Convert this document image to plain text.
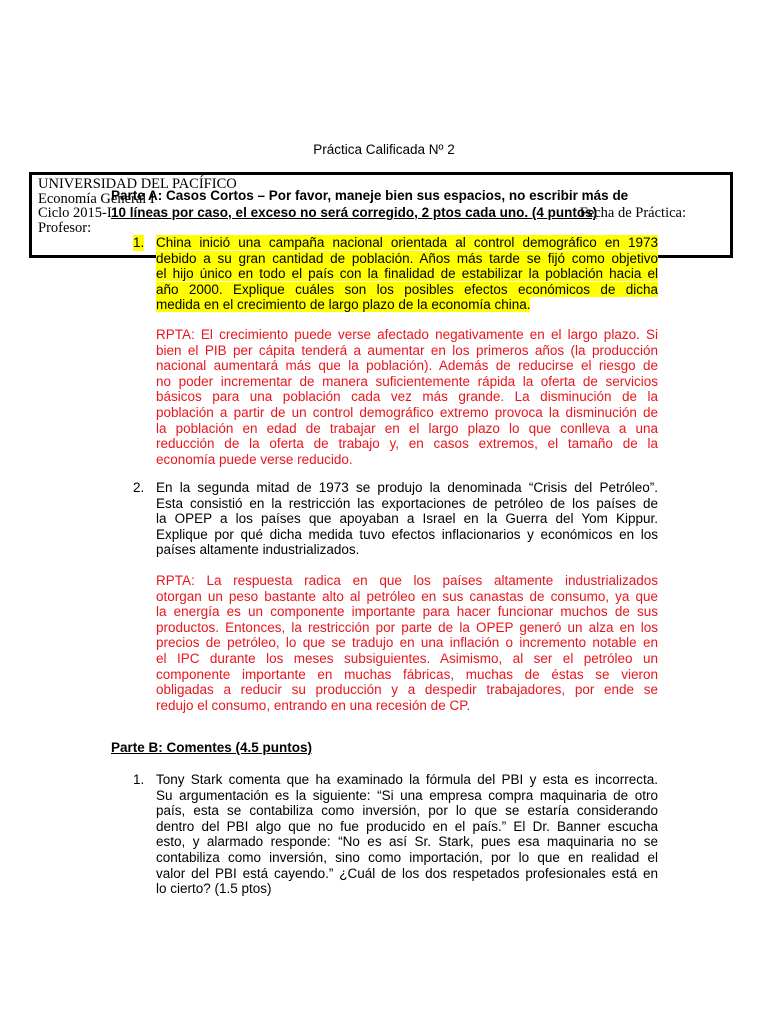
Práctica Calificada Nº 2
UNIVERSIDAD DEL PACÍFICO
Economía General I
Ciclo 2015-I
Profesor:
Fecha de Práctica:
Parte A: Casos Cortos – Por favor, maneje bien sus espacios, no escribir más de
10 líneas por caso, el exceso no será corregido, 2 ptos cada uno. (4 puntos)
1. China inició una campaña nacional orientada al control demográfico en 1973
debido a su gran cantidad de población. Años más tarde se fijó como objetivo
el hijo único en todo el país con la finalidad de estabilizar la población hacia el
año 2000. Explique cuáles son los posibles efectos económicos de dicha
medida en el crecimiento de largo plazo de la economía china.
RPTA: El crecimiento puede verse afectado negativamente en el largo plazo. Si
bien el PIB per cápita tenderá a aumentar en los primeros años (la producción
nacional aumentará más que la población). Además de reducirse el riesgo de
no poder incrementar de manera suficientemente rápida la oferta de servicios
básicos para una población cada vez más grande. La disminución de la
población a partir de un control demográfico extremo provoca la disminución de
la población en edad de trabajar en el largo plazo lo que conlleva a una
reducción de la oferta de trabajo y, en casos extremos, el tamaño de la
economía puede verse reducido.
2. En la segunda mitad de 1973 se produjo la denominada “Crisis del Petróleo”.
Esta consistió en la restricción las exportaciones de petróleo de los países de
la OPEP a los países que apoyaban a Israel en la Guerra del Yom Kippur.
Explique por qué dicha medida tuvo efectos inflacionarios y económicos en los
países altamente industrializados.
RPTA: La respuesta radica en que los países altamente industrializados
otorgan un peso bastante alto al petróleo en sus canastas de consumo, ya que
la energía es un componente importante para hacer funcionar muchos de sus
productos. Entonces, la restricción por parte de la OPEP generó un alza en los
precios de petróleo, lo que se tradujo en una inflación o incremento notable en
el IPC durante los meses subsiguientes. Asimismo, al ser el petróleo un
componente importante en muchas fábricas, muchas de éstas se vieron
obligadas a reducir su producción y a despedir trabajadores, por ende se
redujo el consumo, entrando en una recesión de CP.
Parte B: Comentes (4.5 puntos)
1. Tony Stark comenta que ha examinado la fórmula del PBI y esta es incorrecta.
Su argumentación es la siguiente: “Si una empresa compra maquinaria de otro
país, esta se contabiliza como inversión, por lo que se estaría considerando
dentro del PBI algo que no fue producido en el país.” El Dr. Banner escucha
esto, y alarmado responde: “No es así Sr. Stark, pues esa maquinaria no se
contabiliza como inversión, sino como importación, por lo que en realidad el
valor del PBI está cayendo.” ¿Cuál de los dos respetados profesionales está en
lo cierto? (1.5 ptos)
